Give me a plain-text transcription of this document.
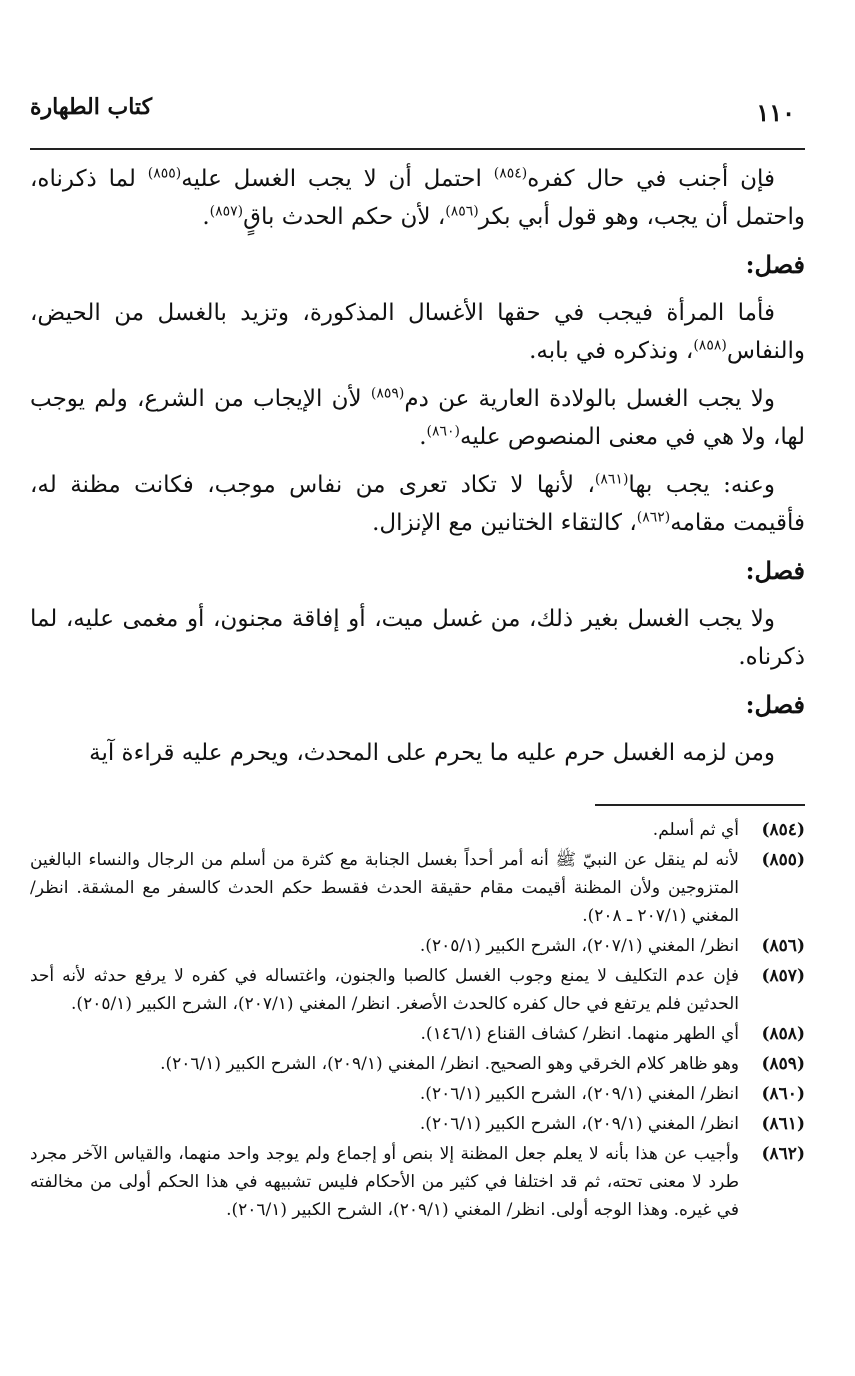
١١٠
كتاب الطهارة

فإن أجنب في حال كفره$^{(٨٥٤)}$ احتمل أن لا يجب الغسل عليه$^{(٨٥٥)}$ لما ذكرناه، واحتمل أن يجب، وهو قول أبي بكر$^{(٨٥٦)}$، لأن حكم الحدث باقٍ$^{(٨٥٧)}$.

فصل:

فأما المرأة فيجب في حقها الأغسال المذكورة، وتزيد بالغسل من الحيض، والنفاس$^{(٨٥٨)}$، ونذكره في بابه.

ولا يجب الغسل بالولادة العارية عن دم$^{(٨٥٩)}$ لأن الإيجاب من الشرع، ولم يوجب لها، ولا هي في معنى المنصوص عليه$^{(٨٦٠)}$.

وعنه: يجب بها$^{(٨٦١)}$، لأنها لا تكاد تعرى من نفاس موجب، فكانت مظنة له، فأقيمت مقامه$^{(٨٦٢)}$، كالتقاء الختانين مع الإنزال.

فصل:

ولا يجب الغسل بغير ذلك، من غسل ميت، أو إفاقة مجنون، أو مغمى عليه، لما ذكرناه.

فصل:

ومن لزمه الغسل حرم عليه ما يحرم على المحدث، ويحرم عليه قراءة آية

(٨٥٤)
أي ثم أسلم.
(٨٥٥)
لأنه لم ينقل عن النبيّ ﷺ أنه أمر أحداً بغسل الجنابة مع كثرة من أسلم من الرجال والنساء البالغين المتزوجين ولأن المظنة أقيمت مقام حقيقة الحدث فقسط حكم الحدث كالسفر مع المشقة. انظر/ المغني (٢٠٧/١ ـ ٢٠٨).
(٨٥٦)
انظر/ المغني (٢٠٧/١)، الشرح الكبير (٢٠٥/١).
(٨٥٧)
فإن عدم التكليف لا يمنع وجوب الغسل كالصبا والجنون، واغتساله في كفره لا يرفع حدثه لأنه أحد الحدثين فلم يرتفع في حال كفره كالحدث الأصغر. انظر/ المغني (٢٠٧/١)، الشرح الكبير (٢٠٥/١).
(٨٥٨)
أي الطهر منهما. انظر/ كشاف القناع (١٤٦/١).
(٨٥٩)
وهو ظاهر كلام الخرقي وهو الصحيح. انظر/ المغني (٢٠٩/١)، الشرح الكبير (٢٠٦/١).
(٨٦٠)
انظر/ المغني (٢٠٩/١)، الشرح الكبير (٢٠٦/١).
(٨٦١)
انظر/ المغني (٢٠٩/١)، الشرح الكبير (٢٠٦/١).
(٨٦٢)
وأجيب عن هذا بأنه لا يعلم جعل المظنة إلا بنص أو إجماع ولم يوجد واحد منهما، والقياس الآخر مجرد طرد لا معنى تحته، ثم قد اختلفا في كثير من الأحكام فليس تشبيهه في هذا الحكم أولى من مخالفته في غيره. وهذا الوجه أولى. انظر/ المغني (٢٠٩/١)، الشرح الكبير (٢٠٦/١).
